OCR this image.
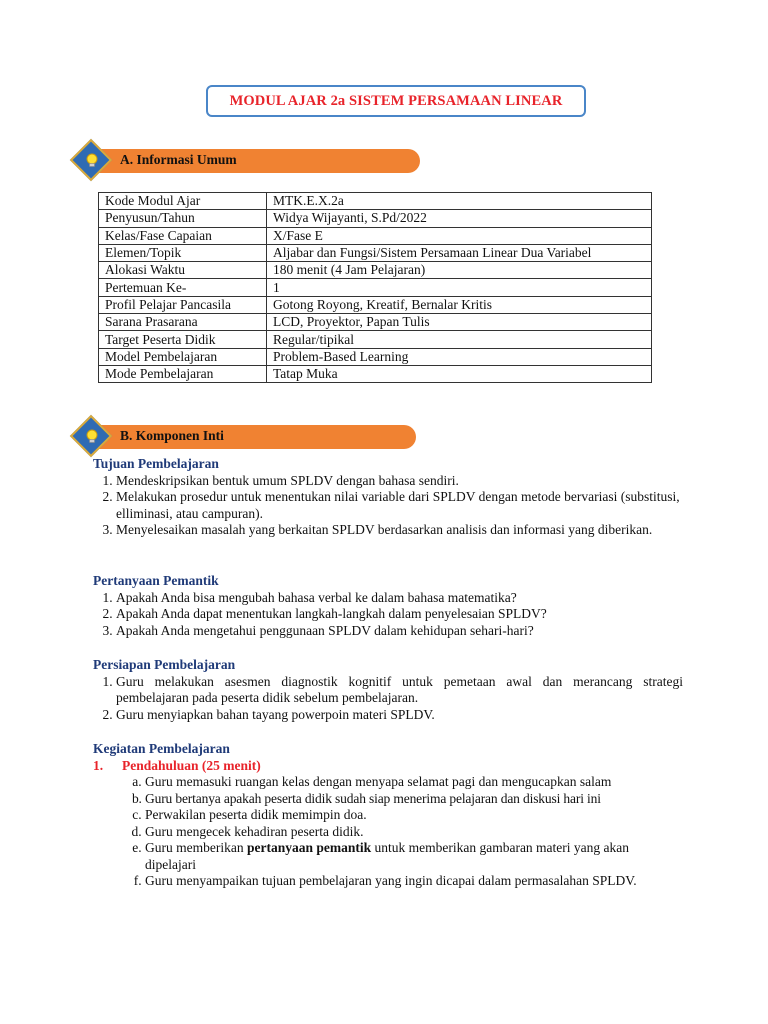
MODUL AJAR 2a SISTEM PERSAMAAN LINEAR
A. Informasi Umum
Kode Modul Ajar	MTK.E.X.2a
Penyusun/Tahun	Widya Wijayanti, S.Pd/2022
Kelas/Fase Capaian	X/Fase E
Elemen/Topik	Aljabar dan Fungsi/Sistem Persamaan Linear Dua Variabel
Alokasi Waktu	180 menit (4 Jam Pelajaran)
Pertemuan Ke-	1
Profil Pelajar Pancasila	Gotong Royong, Kreatif, Bernalar Kritis
Sarana Prasarana	LCD, Proyektor, Papan Tulis
Target Peserta Didik	Regular/tipikal
Model Pembelajaran	Problem-Based Learning
Mode Pembelajaran	Tatap Muka
B. Komponen Inti
Tujuan Pembelajaran
1. Mendeskripsikan bentuk umum SPLDV dengan bahasa sendiri.
2. Melakukan prosedur untuk menentukan nilai variable dari SPLDV dengan metode bervariasi (substitusi, elliminasi, atau campuran).
3. Menyelesaikan masalah yang berkaitan SPLDV berdasarkan analisis dan informasi yang diberikan.
Pertanyaan Pemantik
1. Apakah Anda bisa mengubah bahasa verbal ke dalam bahasa matematika?
2. Apakah Anda dapat menentukan langkah-langkah dalam penyelesaian SPLDV?
3. Apakah Anda mengetahui penggunaan SPLDV dalam kehidupan sehari-hari?
Persiapan Pembelajaran
1. Guru melakukan asesmen diagnostik kognitif untuk pemetaan awal dan merancang strategi pembelajaran pada peserta didik sebelum pembelajaran.
2. Guru menyiapkan bahan tayang powerpoin materi SPLDV.
Kegiatan Pembelajaran
1.	Pendahuluan (25 menit)
a. Guru memasuki ruangan kelas dengan menyapa selamat pagi dan mengucapkan salam
b. Guru bertanya apakah peserta didik sudah siap menerima pelajaran dan diskusi hari ini
c. Perwakilan peserta didik memimpin doa.
d. Guru mengecek kehadiran peserta didik.
e. Guru memberikan pertanyaan pemantik untuk memberikan gambaran materi yang akan dipelajari
f. Guru menyampaikan tujuan pembelajaran yang ingin dicapai dalam permasalahan SPLDV.
